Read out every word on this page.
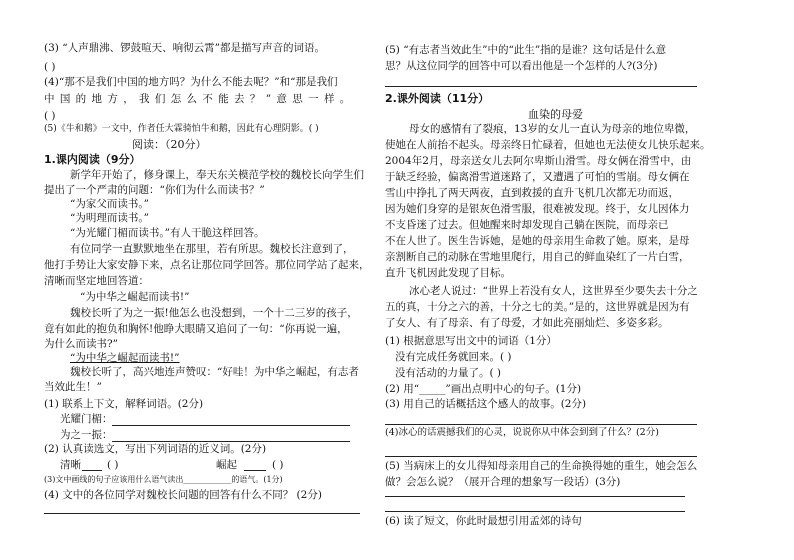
(3) “人声鼎沸、锣鼓喧天、响彻云霄”都是描写声音的词语。
( )
(4)“那不是我们中国的地方吗？为什么不能去呢？”和“那是我们
中 国 的 地 方 ， 我 们 怎 么 不 能 去 ？ ” 意 思 一 样 。
( )
(5)《牛和鹅》一文中，作者任大霖骑怕牛和鹅，因此有心理阴影。( )
阅读：（20分）
1.课内阅读（9分）
新学年开始了，修身课上，奉天东关模范学校的魏校长向学生们
提出了一个严肃的问题：“你们为什么而读书？”
“为家父而读书。”
“为明理而读书。”
“为光耀门楣而读书。”有人干脆这样回答。
有位同学一直默默地坐在那里，若有所思。魏校长注意到了，
他打手势让大家安静下来，点名让那位同学回答。那位同学站了起来，
清晰而坚定地回答道：
“为中华之崛起而读书!”
魏校长听了为之一振!他怎么也没想到，一个十二三岁的孩子，
竟有如此的抱负和胸怀!他睁大眼睛又追问了一句：“你再说一遍，
为什么而读书?”
“为中华之崛起而读书!”
魏校长听了，高兴地连声赞叹：“好哇！为中华之崛起，有志者
当效此生！”
(1) 联系上下文，解释词语。(2分)
光耀门楣：
为之一振：
(2) 认真读选文，写出下列词语的近义词。(2分)
清晰 ( )	崛起	( )
(3)文中画线的句子应该用什么语气读出____________的语气。(1分)
(4) 文中的各位同学对魏校长问题的回答有什么不同？ (2分)
(5) “有志者当效此生”中的“此生”指的是谁？这句话是什么意
思？从这位同学的回答中可以看出他是一个怎样的人?(3分)
2.课外阅读（11分）
血染的母爱
母女的感情有了裂痕，13岁的女儿一直认为母亲的地位卑微，
使她在人前抬不起头。母亲终日忙碌着，但她也无法使女儿快乐起来。
2004年2月，母亲送女儿去阿尔卑斯山滑雪。母女俩在滑雪中，由
于缺乏经验，偏离滑雪道迷路了，又遭遇了可怕的雪崩。母女俩在
雪山中挣扎了两天两夜，直到救援的直升飞机几次都无功而返，
因为她们身穿的是银灰色滑雪服，很难被发现。终于，女儿因体力
不支昏迷了过去。但她醒来时却发现自己躺在医院，而母亲已
不在人世了。医生告诉她，是她的母亲用生命救了她。原来，是母
亲割断自己的动脉在雪地里爬行，用自己的鲜血染红了一片白雪，
直升飞机因此发现了目标。
冰心老人说过：“世界上若没有女人，这世界至少要失去十分之
五的真，十分之六的善，十分之七的美。”是的，这世界就是因为有
了女人、有了母亲、有了母爱，才如此亮丽灿烂、多姿多彩。
(1) 根据意思写出文中的词语（1分）
没有完成任务就回来。( )
没有活动的力量了。( )
(2) 用“_____”画出点明中心的句子。(1分)
(3) 用自己的话概括这个感人的故事。(2分)
(4)冰心的话震撼我们的心灵，说说你从中体会到到了什么？(2分)
(5) 当病床上的女儿得知母亲用自己的生命换得她的重生，她会怎么
做？会怎么说？（展开合理的想象写一段话）(3分)
(6) 读了短文，你此时最想引用孟郊的诗句
